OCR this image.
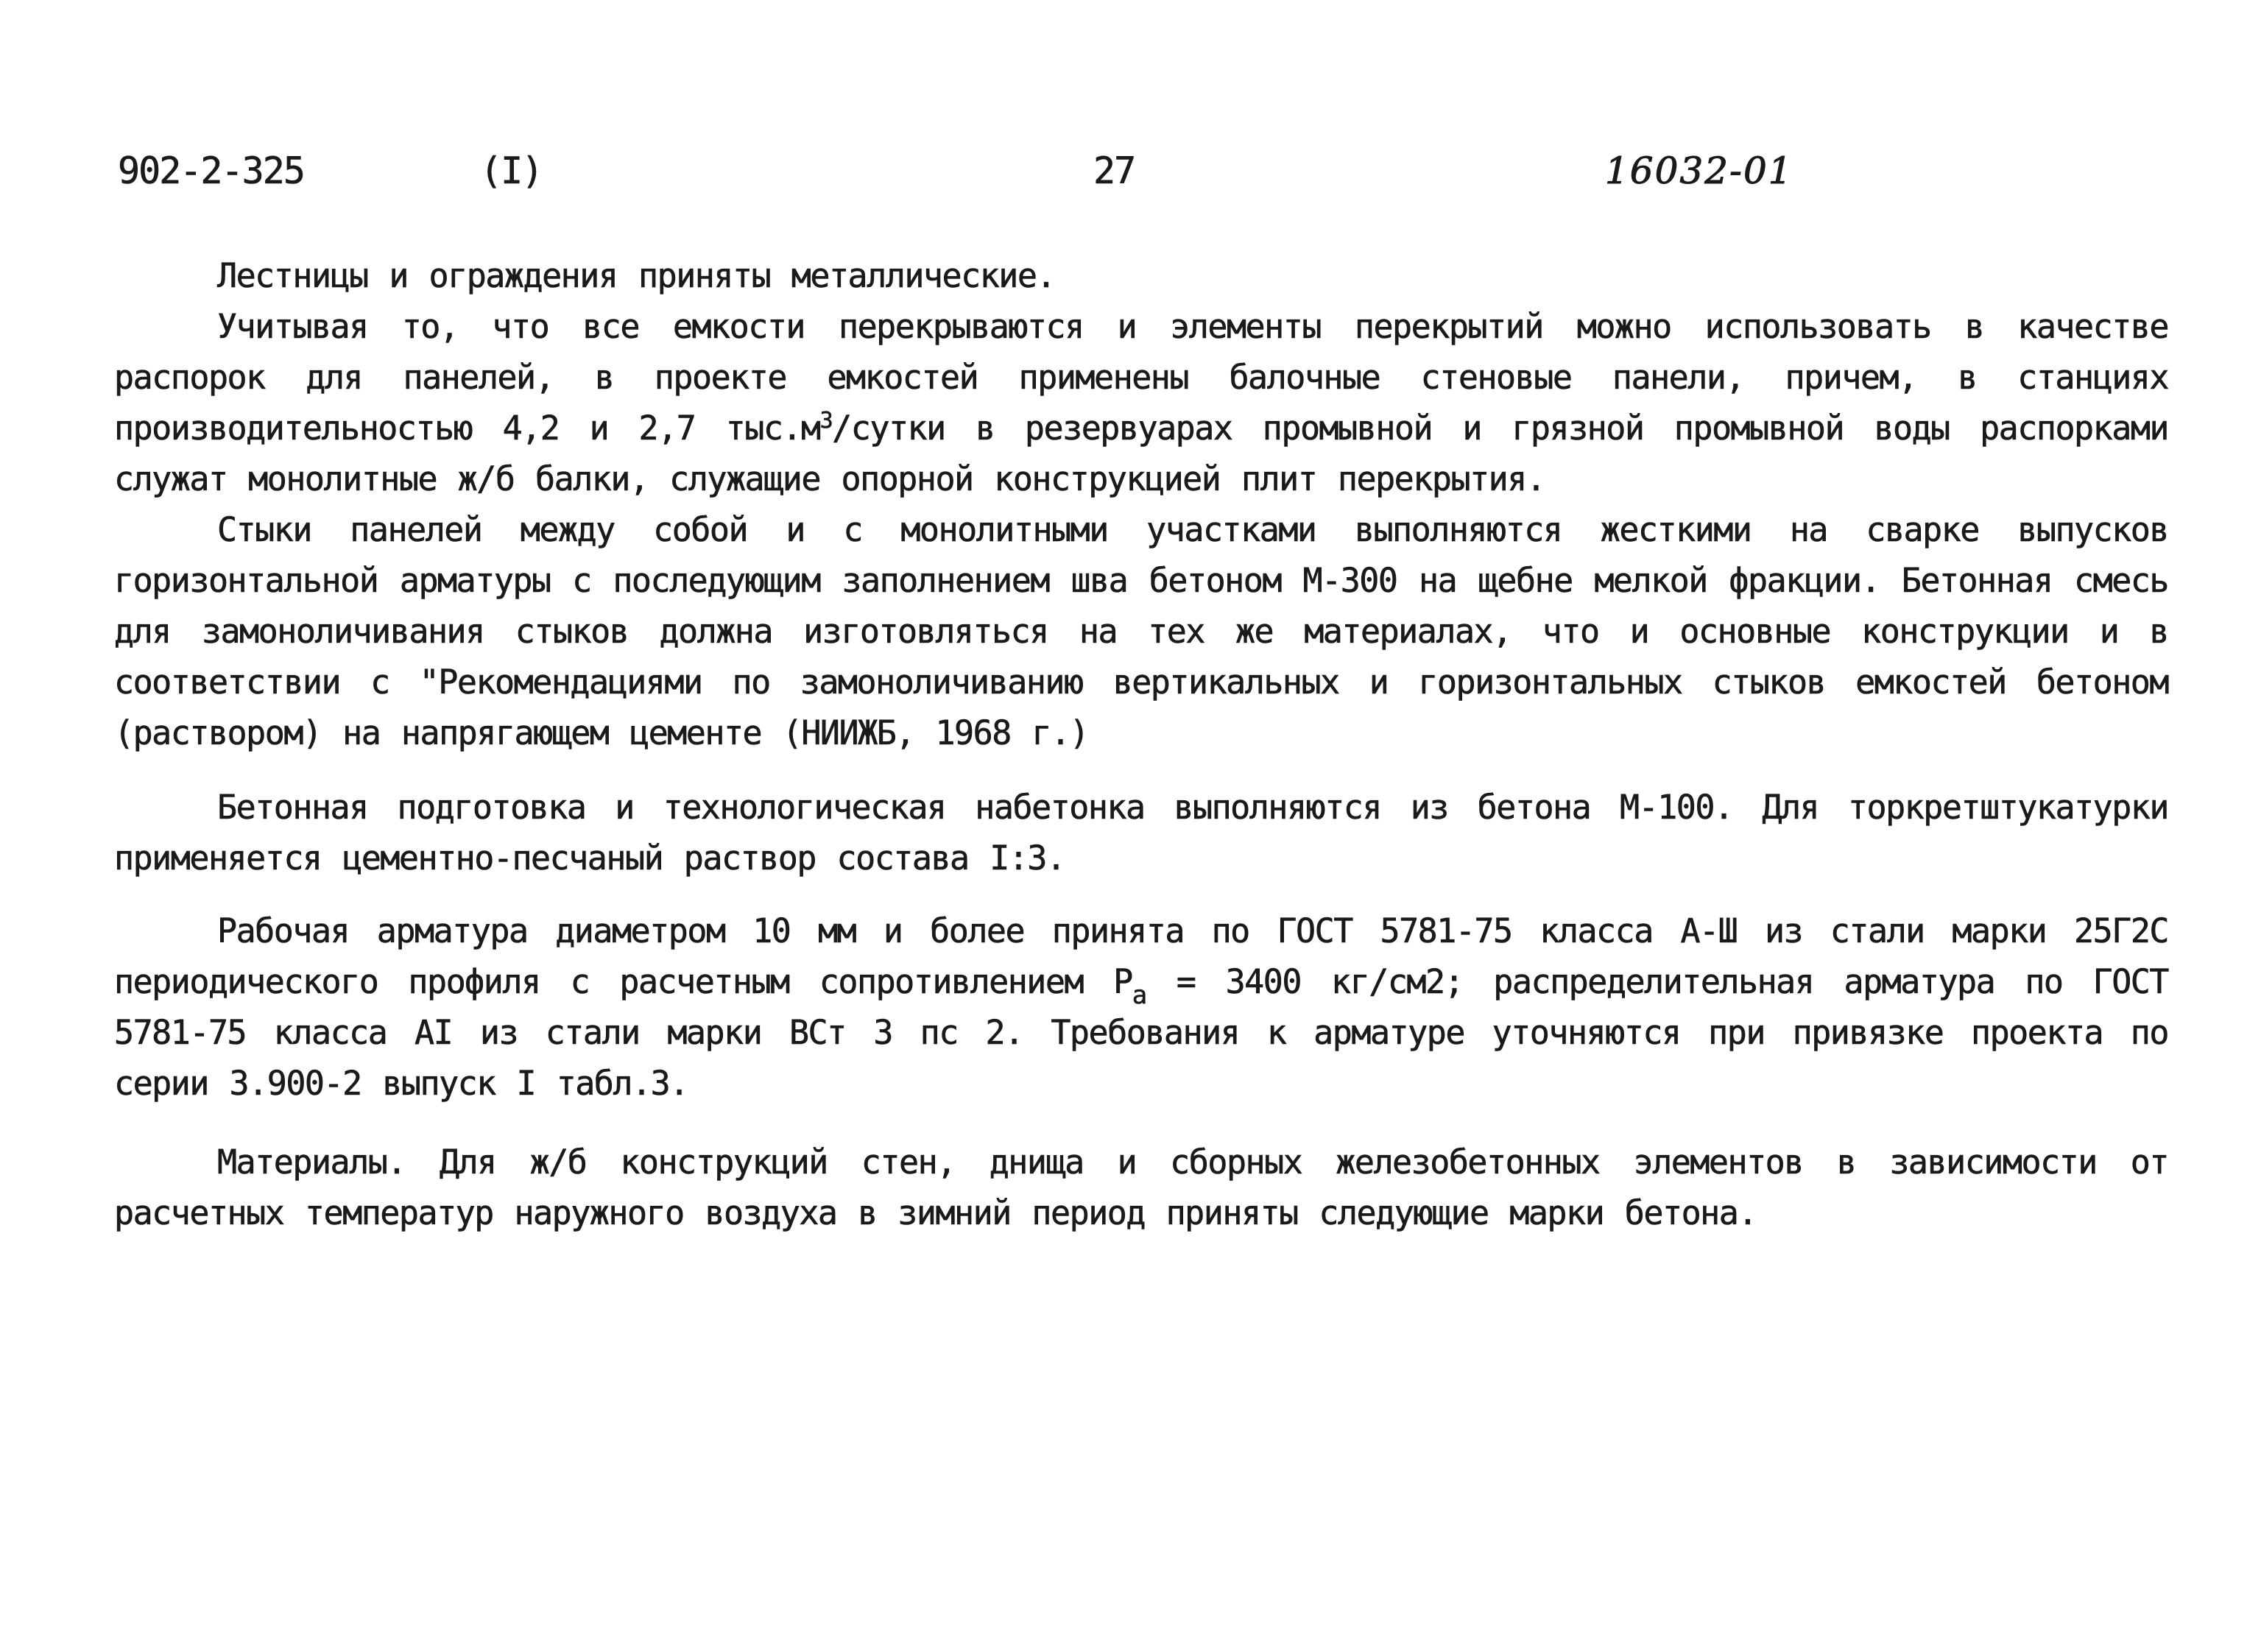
902-2-325	(I)	27	16032-01
Лестницы и ограждения приняты металлические.
Учитывая то, что все емкости перекрываются и элементы перекрытий можно использовать в качестве распорок для панелей, в проекте емкостей применены балочные стеновые панели, причем, в станциях производительностью 4,2 и 2,7 $тыс.м^3$/сутки в резервуарах промывной и грязной промывной воды распорками служат монолитные ж/б балки, служащие опорной конструкцией плит перекрытия.
Стыки панелей между собой и с монолитными участками выполняются жесткими на сварке выпусков горизонтальной арматуры с последующим заполнением шва бетоном М-300 на щебне мелкой фракции. Бетонная смесь для замоноличивания стыков должна изготовляться на тех же материалах, что и основные конструкции и в соответствии с "Рекомендациями по замоноличиванию вертикальных и горизонтальных стыков емкостей бетоном (раствором) на напрягающем цементе (НИИЖБ, 1968 г.)
Бетонная подготовка и технологическая набетонка выполняются из бетона М-100. Для торкретштукатурки применяется цементно-песчаный раствор состава I:3.
Рабочая арматура диаметром 10 мм и более принята по ГОСТ 5781-75 класса А-Ш из стали марки 25Г2С периодического профиля с расчетным сопротивлением $Р_а = 3400$ кг/см2; распределительная арматура по ГОСТ 5781-75 класса АI из стали марки ВСт 3 пс 2. Требования к арматуре уточняются при привязке проекта по серии 3.900-2 выпуск I табл.3.
Материалы. Для ж/б конструкций стен, днища и сборных железобетонных элементов в зависимости от расчетных температур наружного воздуха в зимний период приняты следующие марки бетона.
